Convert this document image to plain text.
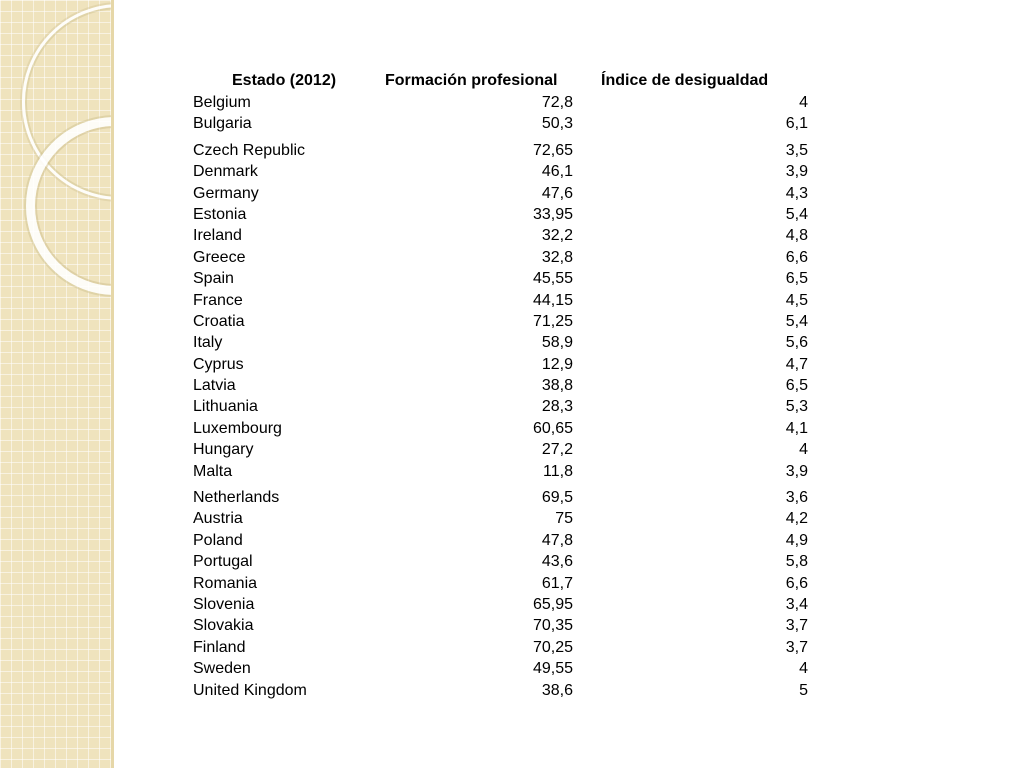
Estado (2012)	Formación profesional	Índice de desigualdad
Belgium	72,8	4
Bulgaria	50,3	6,1
Czech Republic	72,65	3,5
Denmark	46,1	3,9
Germany	47,6	4,3
Estonia	33,95	5,4
Ireland	32,2	4,8
Greece	32,8	6,6
Spain	45,55	6,5
France	44,15	4,5
Croatia	71,25	5,4
Italy	58,9	5,6
Cyprus	12,9	4,7
Latvia	38,8	6,5
Lithuania	28,3	5,3
Luxembourg	60,65	4,1
Hungary	27,2	4
Malta	11,8	3,9
Netherlands	69,5	3,6
Austria	75	4,2
Poland	47,8	4,9
Portugal	43,6	5,8
Romania	61,7	6,6
Slovenia	65,95	3,4
Slovakia	70,35	3,7
Finland	70,25	3,7
Sweden	49,55	4
United Kingdom	38,6	5
